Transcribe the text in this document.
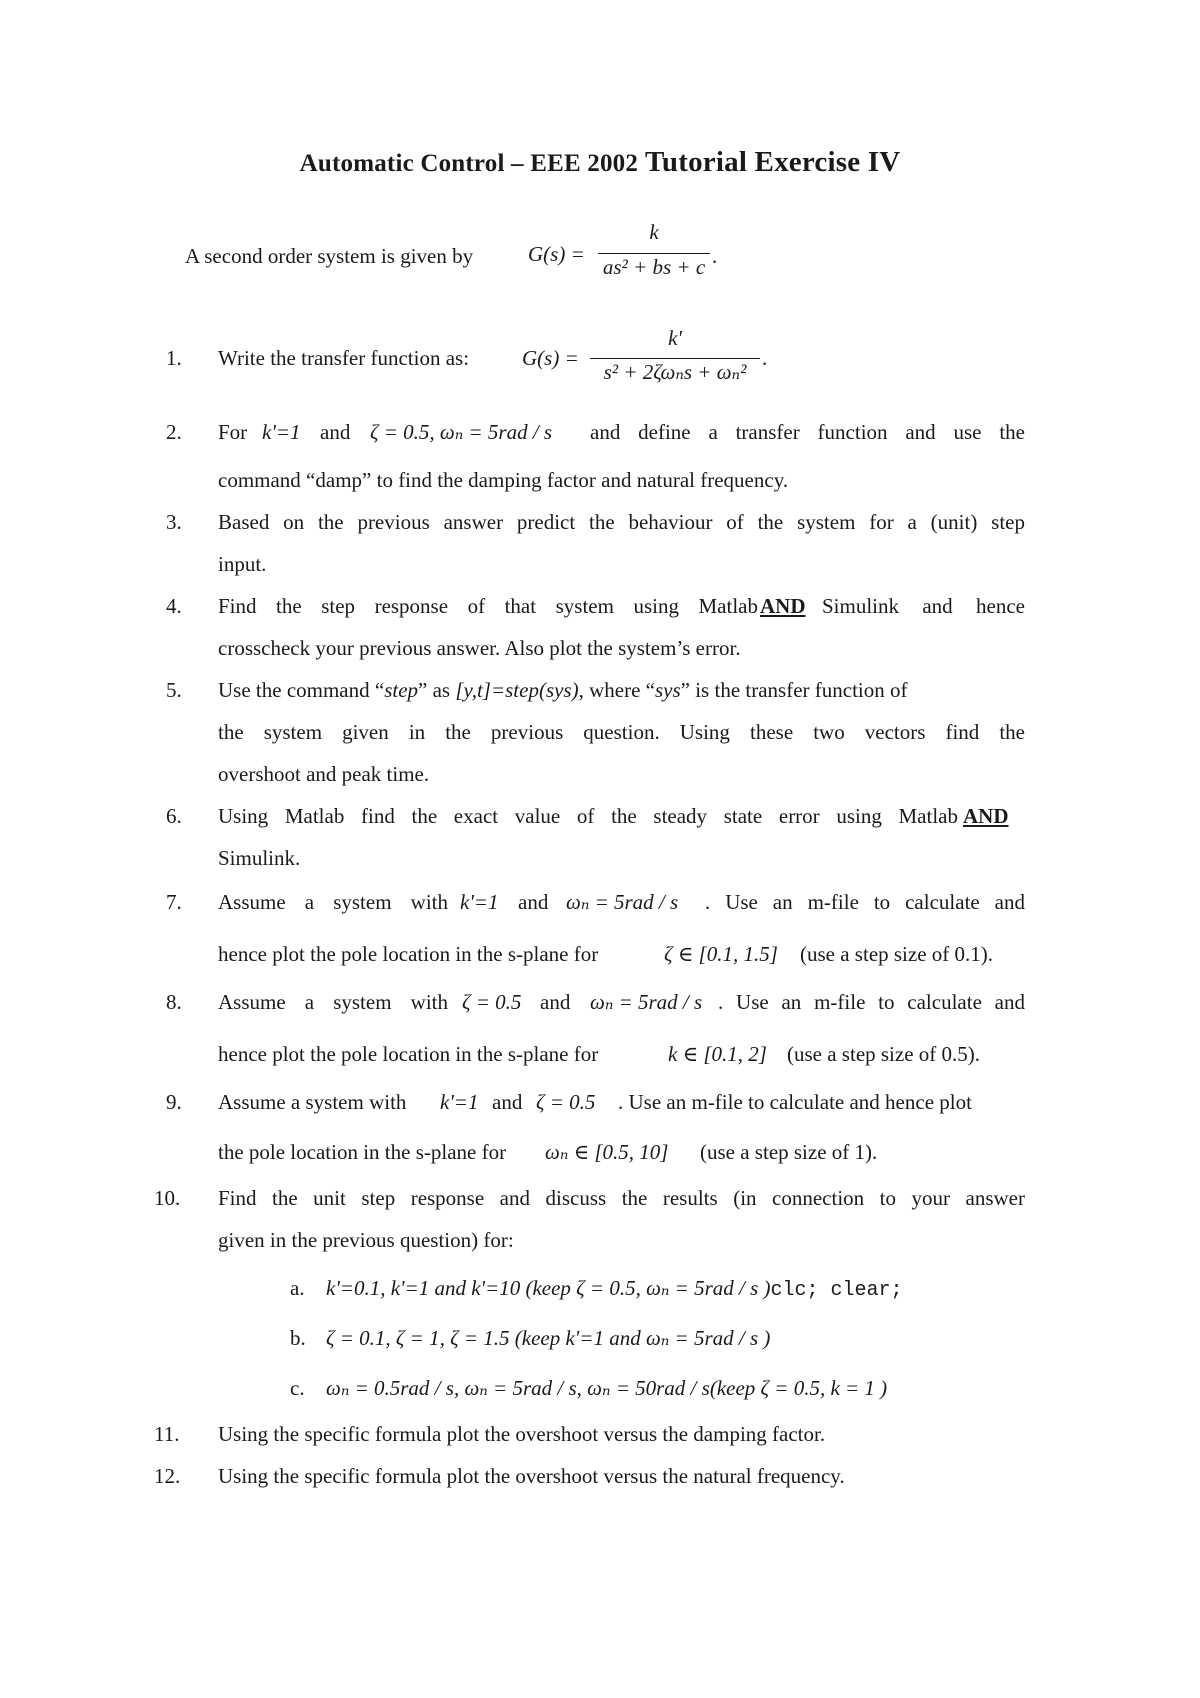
Automatic Control – EEE 2002 Tutorial Exercise IV
A second order system is given by	G(s) =
k
as² + bs + c .
1. Write the transfer function as:	G(s) =
k'
s² + 2ζωₙs + ωₙ²
.
2. For k'=1 and ζ = 0.5, ωₙ = 5rad / s and define a transfer function and use the
command “damp” to find the damping factor and natural frequency.
3. Based on the previous answer predict the behaviour of the system for a (unit) step
input.
4. Find the step response of that system using Matlab AND Simulink and hence
crosscheck your previous answer. Also plot the system’s error.
5. Use the command “step” as [y,t]=step(sys), where “sys” is the transfer function of
the system given in the previous question. Using these two vectors find the
overshoot and peak time.
6. Using Matlab find the exact value of the steady state error using Matlab AND
Simulink.
7. Assume a system with k'=1 and ωₙ = 5rad / s . Use an m-file to calculate and
hence plot the pole location in the s-plane for	ζ ∈ [0.1, 1.5] (use a step size of 0.1).
8. Assume a system with ζ = 0.5 and ωₙ = 5rad / s . Use an m-file to calculate and
hence plot the pole location in the s-plane for	k ∈ [0.1, 2] (use a step size of 0.5).
9. Assume a system with k'=1 and ζ = 0.5 . Use an m-file to calculate and hence plot
the pole location in the s-plane for ωₙ ∈ [0.5, 10] (use a step size of 1).
10. Find the unit step response and discuss the results (in connection to your answer
given in the previous question) for:
a. k'=0.1, k'=1 and k'=10 (keep ζ = 0.5, ωₙ = 5rad / s )clc; clear;
b. ζ = 0.1, ζ = 1, ζ = 1.5 (keep k'=1 and ωₙ = 5rad / s )
c. ωₙ = 0.5rad / s, ωₙ = 5rad / s, ωₙ = 50rad / s(keep ζ = 0.5, k = 1 )
11. Using the specific formula plot the overshoot versus the damping factor.
12. Using the specific formula plot the overshoot versus the natural frequency.
